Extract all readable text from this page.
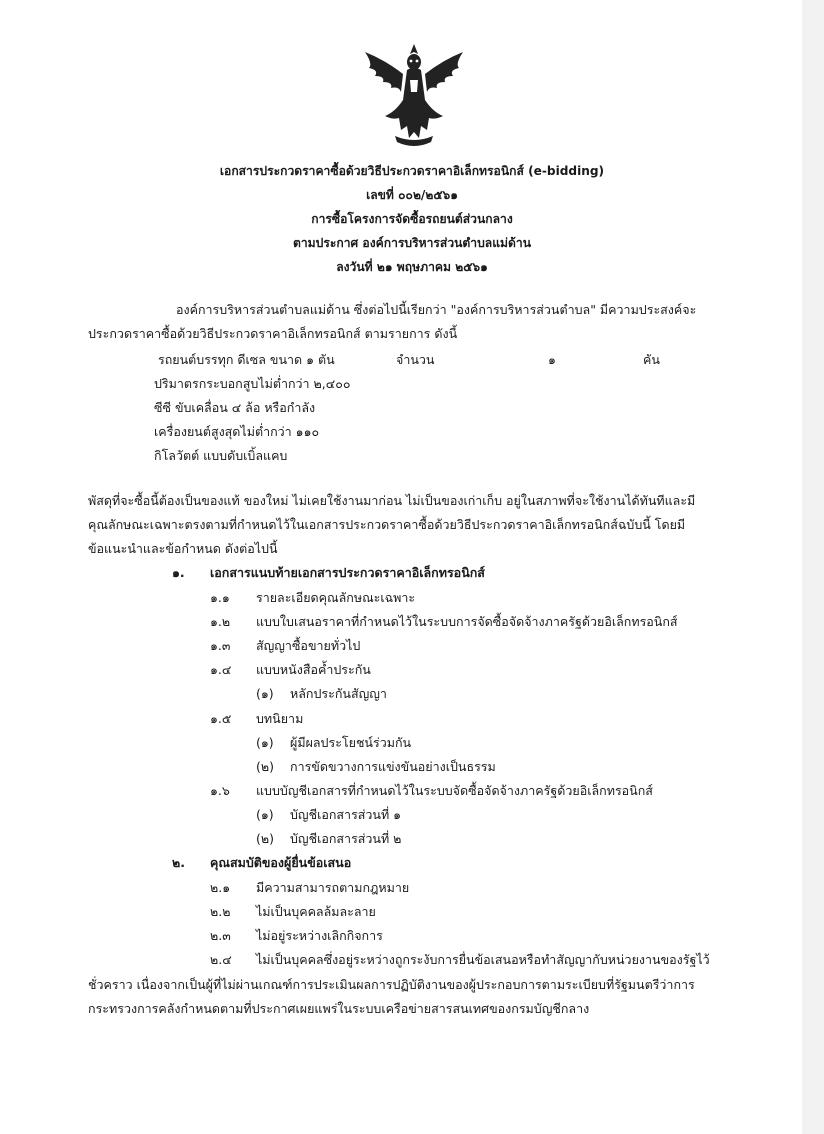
เอกสารประกวดราคาซื้อด้วยวิธีประกวดราคาอิเล็กทรอนิกส์ (e-bidding)
เลขที่ ๐๐๒/๒๕๖๑
การซื้อโครงการจัดซื้อรถยนต์ส่วนกลาง
ตามประกาศ องค์การบริหารส่วนตำบลแม่ด้าน
ลงวันที่ ๒๑ พฤษภาคม ๒๕๖๑
องค์การบริหารส่วนตำบลแม่ด้าน ซึ่งต่อไปนี้เรียกว่า "องค์การบริหารส่วนตำบล" มีความประสงค์จะ
ประกวดราคาซื้อด้วยวิธีประกวดราคาอิเล็กทรอนิกส์ ตามรายการ ดังนี้
รถยนต์บรรทุก ดีเซล ขนาด ๑ ตัน	จำนวน	๑	คัน
ปริมาตรกระบอกสูบไม่ต่ำกว่า ๒,๔๐๐
ซีซี ขับเคลื่อน ๔ ล้อ หรือกำลัง
เครื่องยนต์สูงสุดไม่ต่ำกว่า ๑๑๐
กิโลวัตต์ แบบดับเบิ้ลแคบ
พัสดุที่จะซื้อนี้ต้องเป็นของแท้ ของใหม่ ไม่เคยใช้งานมาก่อน ไม่เป็นของเก่าเก็บ อยู่ในสภาพที่จะใช้งานได้ทันทีและมี
คุณลักษณะเฉพาะตรงตามที่กำหนดไว้ในเอกสารประกวดราคาซื้อด้วยวิธีประกวดราคาอิเล็กทรอนิกส์ฉบับนี้ โดยมี
ข้อแนะนำและข้อกำหนด ดังต่อไปนี้
๑. เอกสารแนบท้ายเอกสารประกวดราคาอิเล็กทรอนิกส์
๑.๑ รายละเอียดคุณลักษณะเฉพาะ
๑.๒ แบบใบเสนอราคาที่กำหนดไว้ในระบบการจัดซื้อจัดจ้างภาครัฐด้วยอิเล็กทรอนิกส์
๑.๓ สัญญาซื้อขายทั่วไป
๑.๔ แบบหนังสือค้ำประกัน
(๑) หลักประกันสัญญา
๑.๕ บทนิยาม
(๑) ผู้มีผลประโยชน์ร่วมกัน
(๒) การขัดขวางการแข่งขันอย่างเป็นธรรม
๑.๖ แบบบัญชีเอกสารที่กำหนดไว้ในระบบจัดซื้อจัดจ้างภาครัฐด้วยอิเล็กทรอนิกส์
(๑) บัญชีเอกสารส่วนที่ ๑
(๒) บัญชีเอกสารส่วนที่ ๒
๒. คุณสมบัติของผู้ยื่นข้อเสนอ
๒.๑ มีความสามารถตามกฎหมาย
๒.๒ ไม่เป็นบุคคลล้มละลาย
๒.๓ ไม่อยู่ระหว่างเลิกกิจการ
๒.๔ ไม่เป็นบุคคลซึ่งอยู่ระหว่างถูกระงับการยื่นข้อเสนอหรือทำสัญญากับหน่วยงานของรัฐไว้
ชั่วคราว เนื่องจากเป็นผู้ที่ไม่ผ่านเกณฑ์การประเมินผลการปฏิบัติงานของผู้ประกอบการตามระเบียบที่รัฐมนตรีว่าการ
กระทรวงการคลังกำหนดตามที่ประกาศเผยแพร่ในระบบเครือข่ายสารสนเทศของกรมบัญชีกลาง
